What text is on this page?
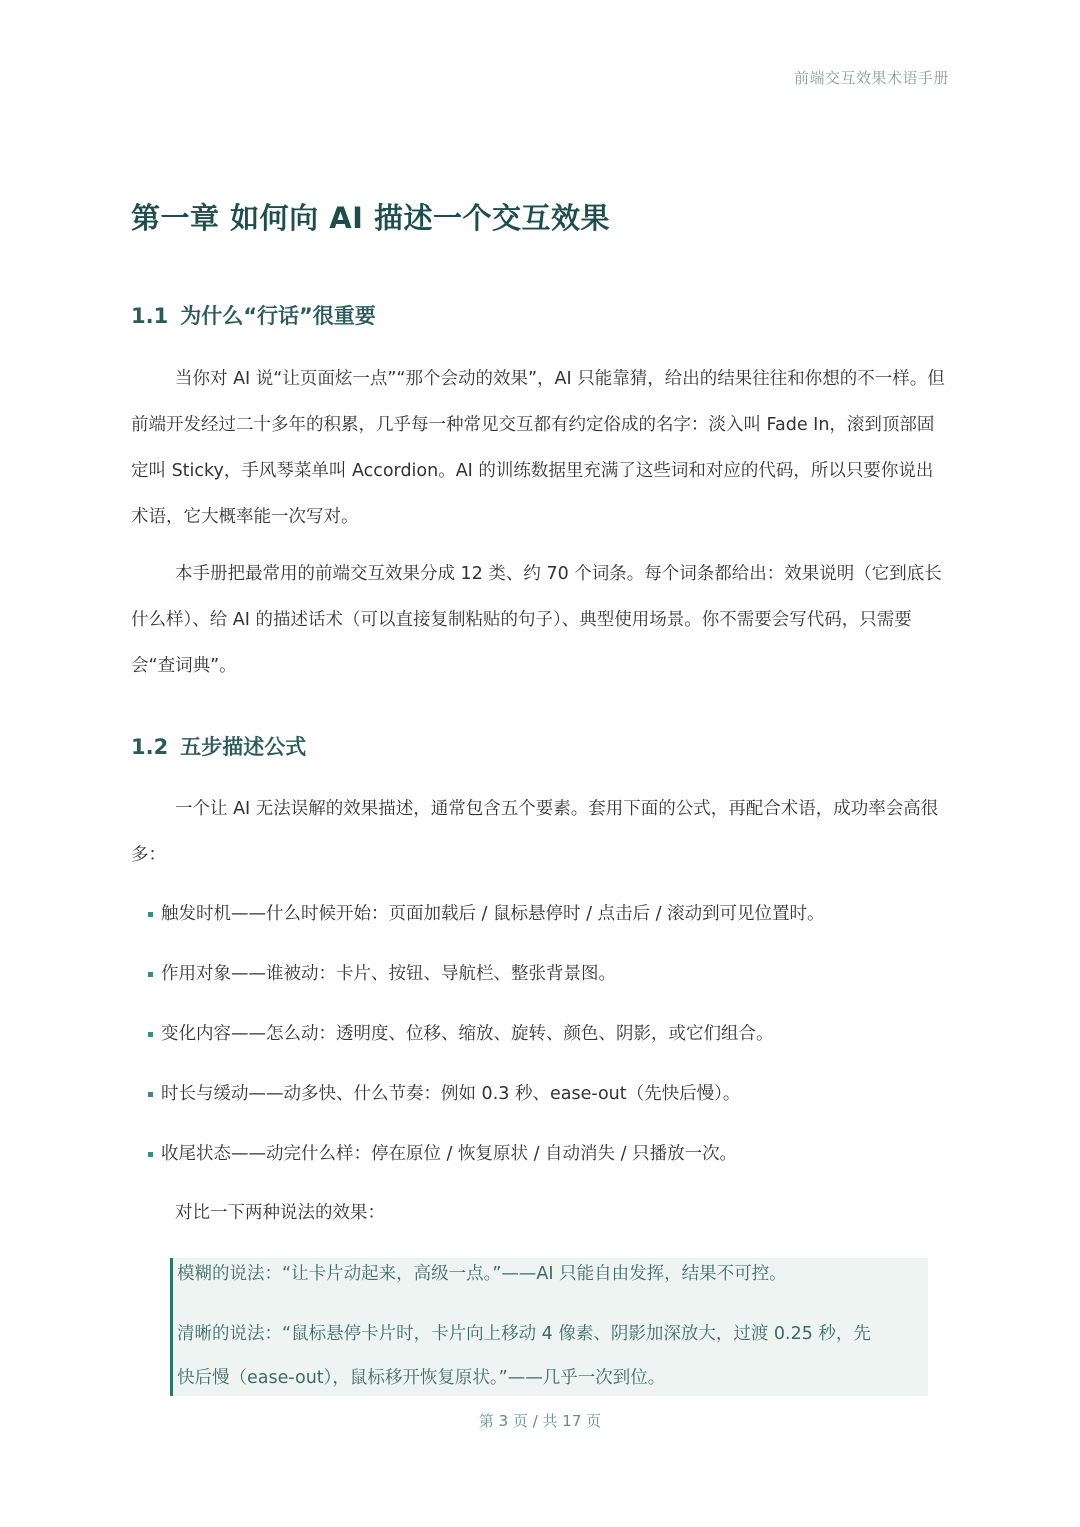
前端交互效果术语手册
第一章 如何向 AI 描述一个交互效果
1.1 为什么“行话”很重要

当你对 AI 说“让页面炫一点”“那个会动的效果”，AI 只能靠猜，给出的结果往往和你想的不一样。但前端开发经过二十多年的积累，几乎每一种常见交互都有约定俗成的名字：淡入叫 Fade In，滚到顶部固定叫 Sticky，手风琴菜单叫 Accordion。AI 的训练数据里充满了这些词和对应的代码，所以只要你说出术语，它大概率能一次写对。

本手册把最常用的前端交互效果分成 12 类、约 70 个词条。每个词条都给出：效果说明（它到底长什么样）、给 AI 的描述话术（可以直接复制粘贴的句子）、典型使用场景。你不需要会写代码，只需要会“查词典”。

1.2 五步描述公式

一个让 AI 无法误解的效果描述，通常包含五个要素。套用下面的公式，再配合术语，成功率会高很多：

触发时机——什么时候开始：页面加载后 / 鼠标悬停时 / 点击后 / 滚动到可见位置时。
作用对象——谁被动：卡片、按钮、导航栏、整张背景图。
变化内容——怎么动：透明度、位移、缩放、旋转、颜色、阴影，或它们组合。
时长与缓动——动多快、什么节奏：例如 0.3 秒、ease-out（先快后慢）。
收尾状态——动完什么样：停在原位 / 恢复原状 / 自动消失 / 只播放一次。

对比一下两种说法的效果：

模糊的说法：“让卡片动起来，高级一点。”——AI 只能自由发挥，结果不可控。
清晰的说法：“鼠标悬停卡片时，卡片向上移动 4 像素、阴影加深放大，过渡 0.25 秒，先
快后慢（ease-out），鼠标移开恢复原状。”——几乎一次到位。
第 3 页 / 共 17 页
